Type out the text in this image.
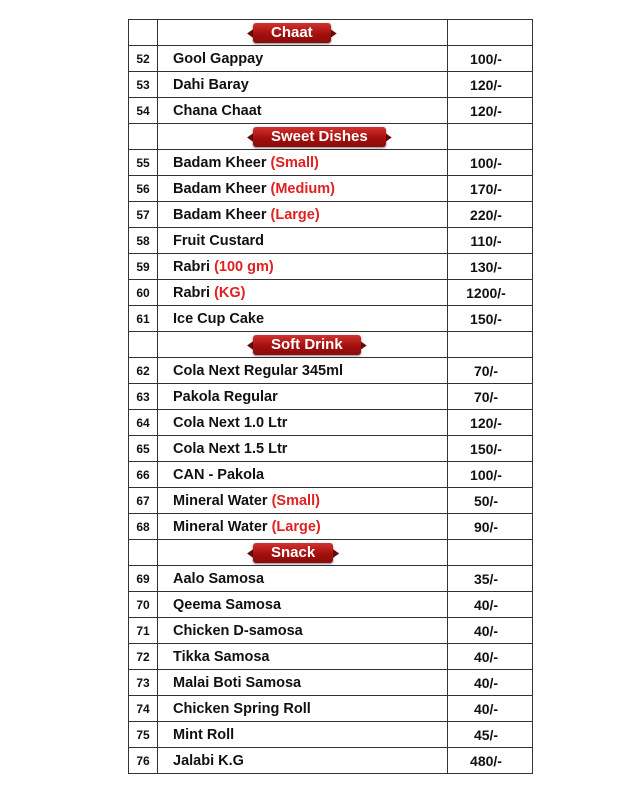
Chaat

52	Gool Gappay	100/-
53	Dahi Baray	120/-
54	Chana Chaat	120/-

Sweet Dishes

55	Badam Kheer (Small)	100/-
56	Badam Kheer (Medium)	170/-
57	Badam Kheer (Large)	220/-
58	Fruit Custard	110/-
59	Rabri (100 gm)	130/-
60	Rabri (KG)	1200/-
61	Ice Cup Cake	150/-

Soft Drink

62	Cola Next Regular 345ml	70/-
63	Pakola Regular	70/-
64	Cola Next 1.0 Ltr	120/-
65	Cola Next 1.5 Ltr	150/-
66	CAN - Pakola	100/-
67	Mineral Water (Small)	50/-
68	Mineral Water (Large)	90/-

Snack

69	Aalo Samosa	35/-
70	Qeema Samosa	40/-
71	Chicken D-samosa	40/-
72	Tikka Samosa	40/-
73	Malai Boti Samosa	40/-
74	Chicken Spring Roll	40/-
75	Mint Roll	45/-
76	Jalabi K.G	480/-
